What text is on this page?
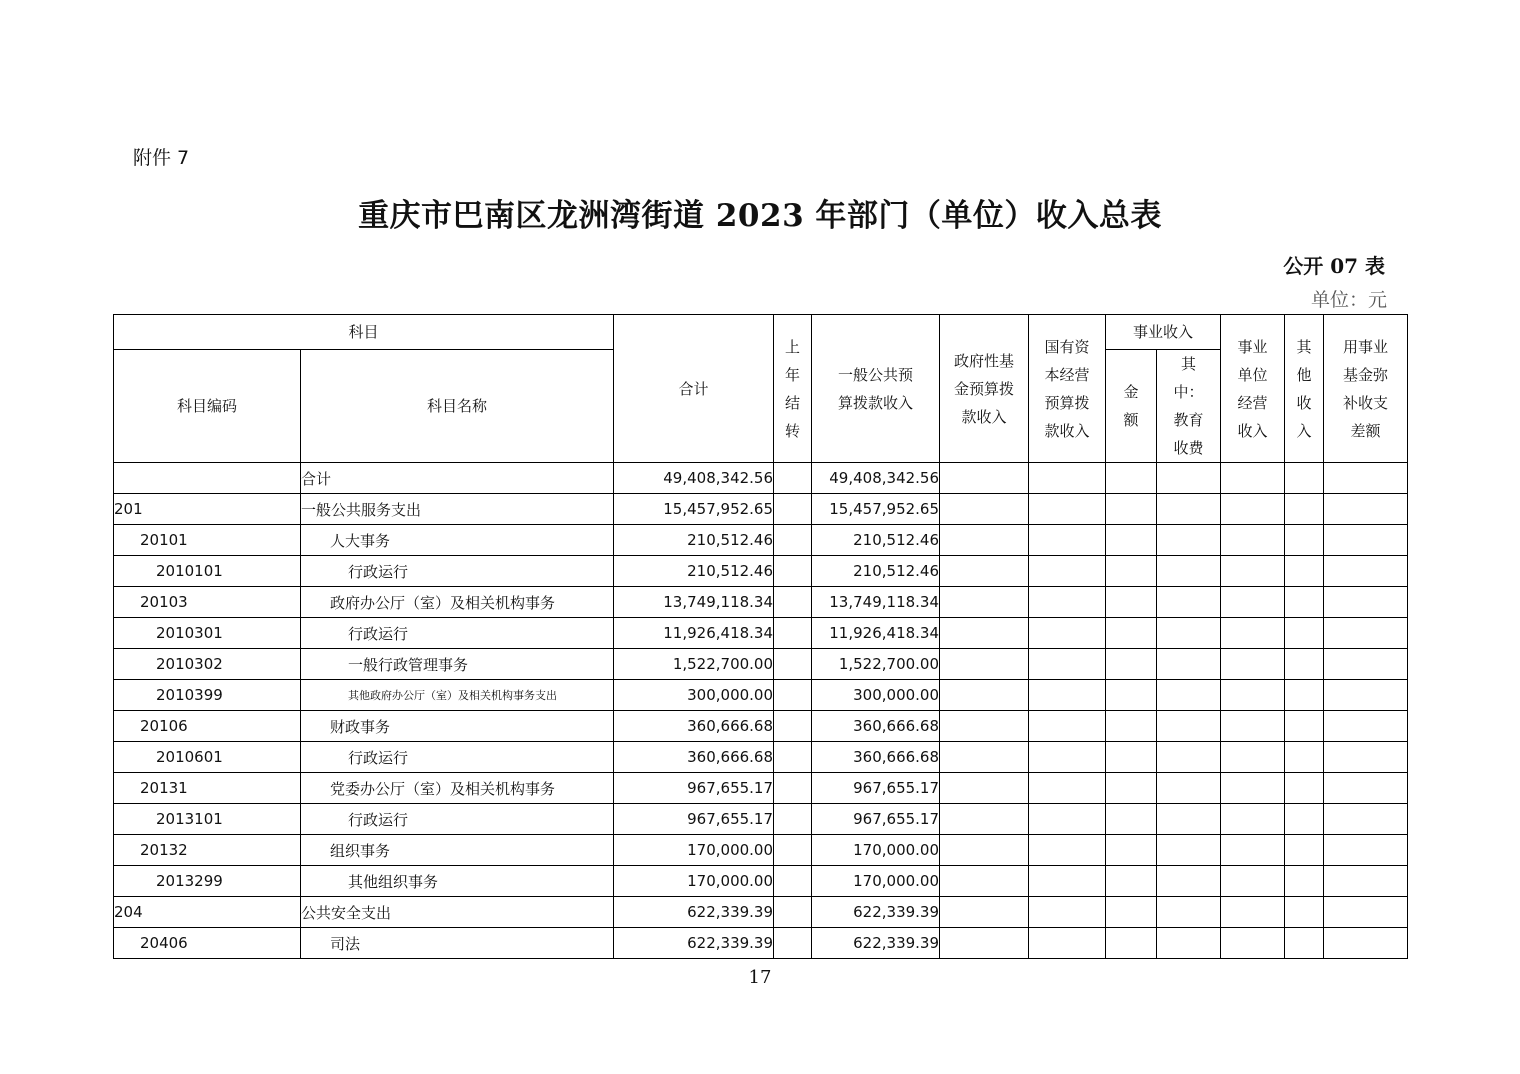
附件 7
重庆市巴南区龙洲湾街道 2023 年部门（单位）收入总表
公开 07 表
单位：元
科目		合计	上年结转	一般公共预算拨款收入	政府性基金预算拨款收入	国有资本经营预算拨款收入	事业收入		事业单位经营收入	其他收入	用事业基金弥补收支差额
科目编码	科目名称						金额	其中：教育收费			
	合计	49,408,342.56		49,408,342.56							
201	一般公共服务支出	15,457,952.65		15,457,952.65							
20101	人大事务	210,512.46		210,512.46							
2010101	行政运行	210,512.46		210,512.46							
20103	政府办公厅（室）及相关机构事务	13,749,118.34		13,749,118.34							
2010301	行政运行	11,926,418.34		11,926,418.34							
2010302	一般行政管理事务	1,522,700.00		1,522,700.00							
2010399	其他政府办公厅（室）及相关机构事务支出	300,000.00		300,000.00							
20106	财政事务	360,666.68		360,666.68							
2010601	行政运行	360,666.68		360,666.68							
20131	党委办公厅（室）及相关机构事务	967,655.17		967,655.17							
2013101	行政运行	967,655.17		967,655.17							
20132	组织事务	170,000.00		170,000.00							
2013299	其他组织事务	170,000.00		170,000.00							
204	公共安全支出	622,339.39		622,339.39							
20406	司法	622,339.39		622,339.39							
17
